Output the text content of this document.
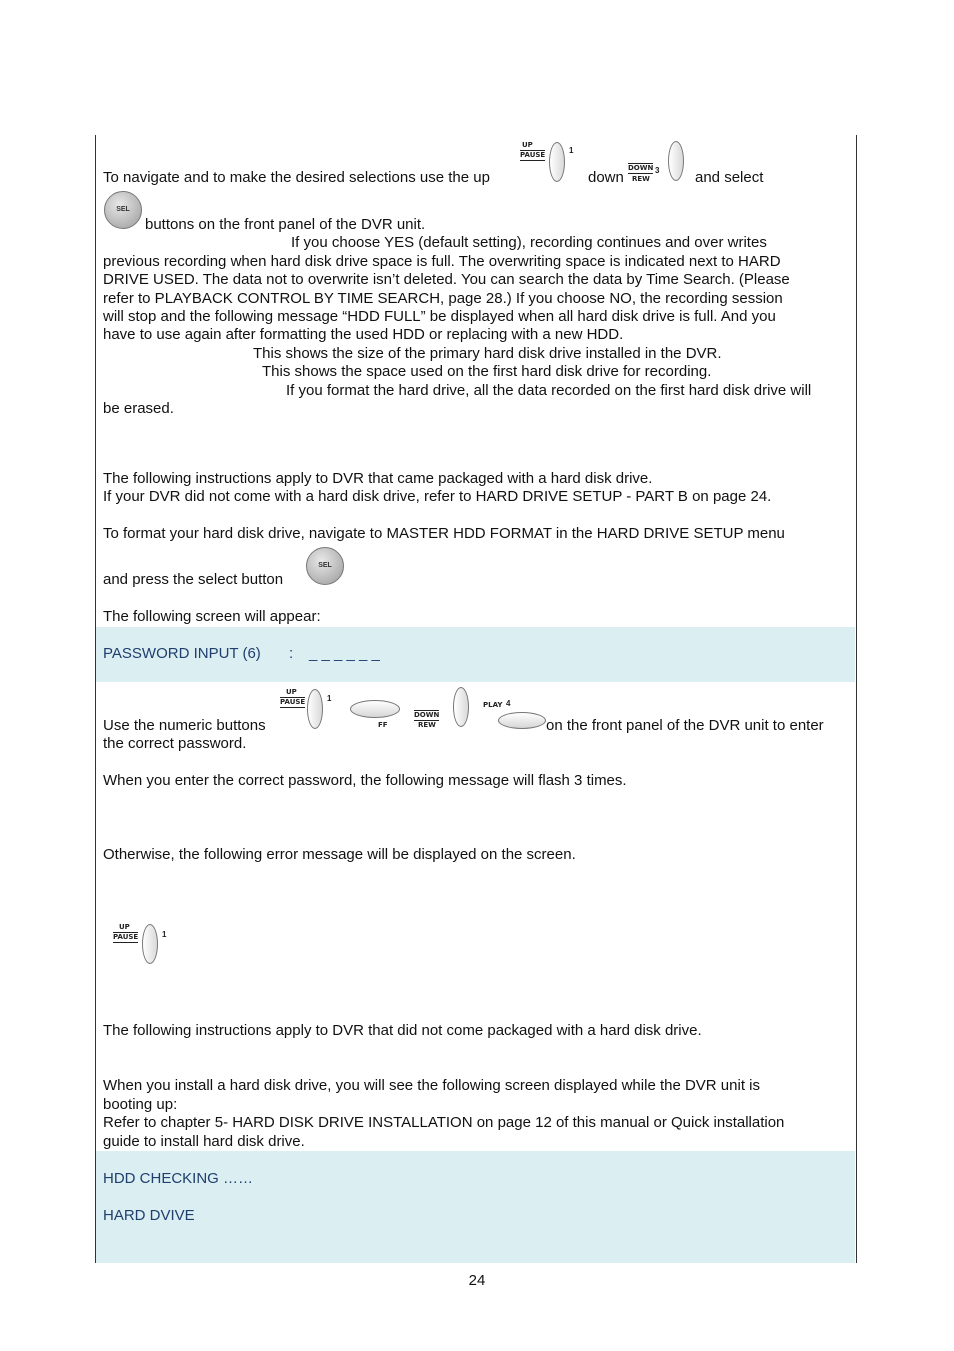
To navigate and to make the desired selections use the up
UP
PAUSE	1
down
DOWN
REW
3 and select
SEL
buttons on the front panel of the DVR unit.
If you choose YES (default setting), recording continues and over writes
previous recording when hard disk drive space is full. The overwriting space is indicated next to HARD
DRIVE USED. The data not to overwrite isn’t deleted. You can search the data by Time Search. (Please
refer to PLAYBACK CONTROL BY TIME SEARCH, page 28.) If you choose NO, the recording session
will stop and the following message “HDD FULL” be displayed when all hard disk drive is full. And you
have to use again after formatting the used HDD or replacing with a new HDD.
This shows the size of the primary hard disk drive installed in the DVR.
This shows the space used on the first hard disk drive for recording.
If you format the hard drive, all the data recorded on the first hard disk drive will
be erased.
The following instructions apply to DVR that came packaged with a hard disk drive.
If your DVR did not come with a hard disk drive, refer to HARD DRIVE SETUP - PART B on page 24.
To format your hard disk drive, navigate to MASTER HDD FORMAT in the HARD DRIVE SETUP menu
and press the select button
SEL
The following screen will appear:
PASSWORD INPUT (6) : _ _ _ _ _ _
Use the numeric buttons
UP
PAUSE	1
FF
DOWN
REW
PLAY 4
on the front panel of the DVR unit to enter
the correct password.
When you enter the correct password, the following message will flash 3 times.
Otherwise, the following error message will be displayed on the screen.
UP
PAUSE	1
The following instructions apply to DVR that did not come packaged with a hard disk drive.
When you install a hard disk drive, you will see the following screen displayed while the DVR unit is
booting up:
Refer to chapter 5- HARD DISK DRIVE INSTALLATION on page 12 of this manual or Quick installation
guide to install hard disk drive.
HDD CHECKING ……
HARD DVIVE
24
